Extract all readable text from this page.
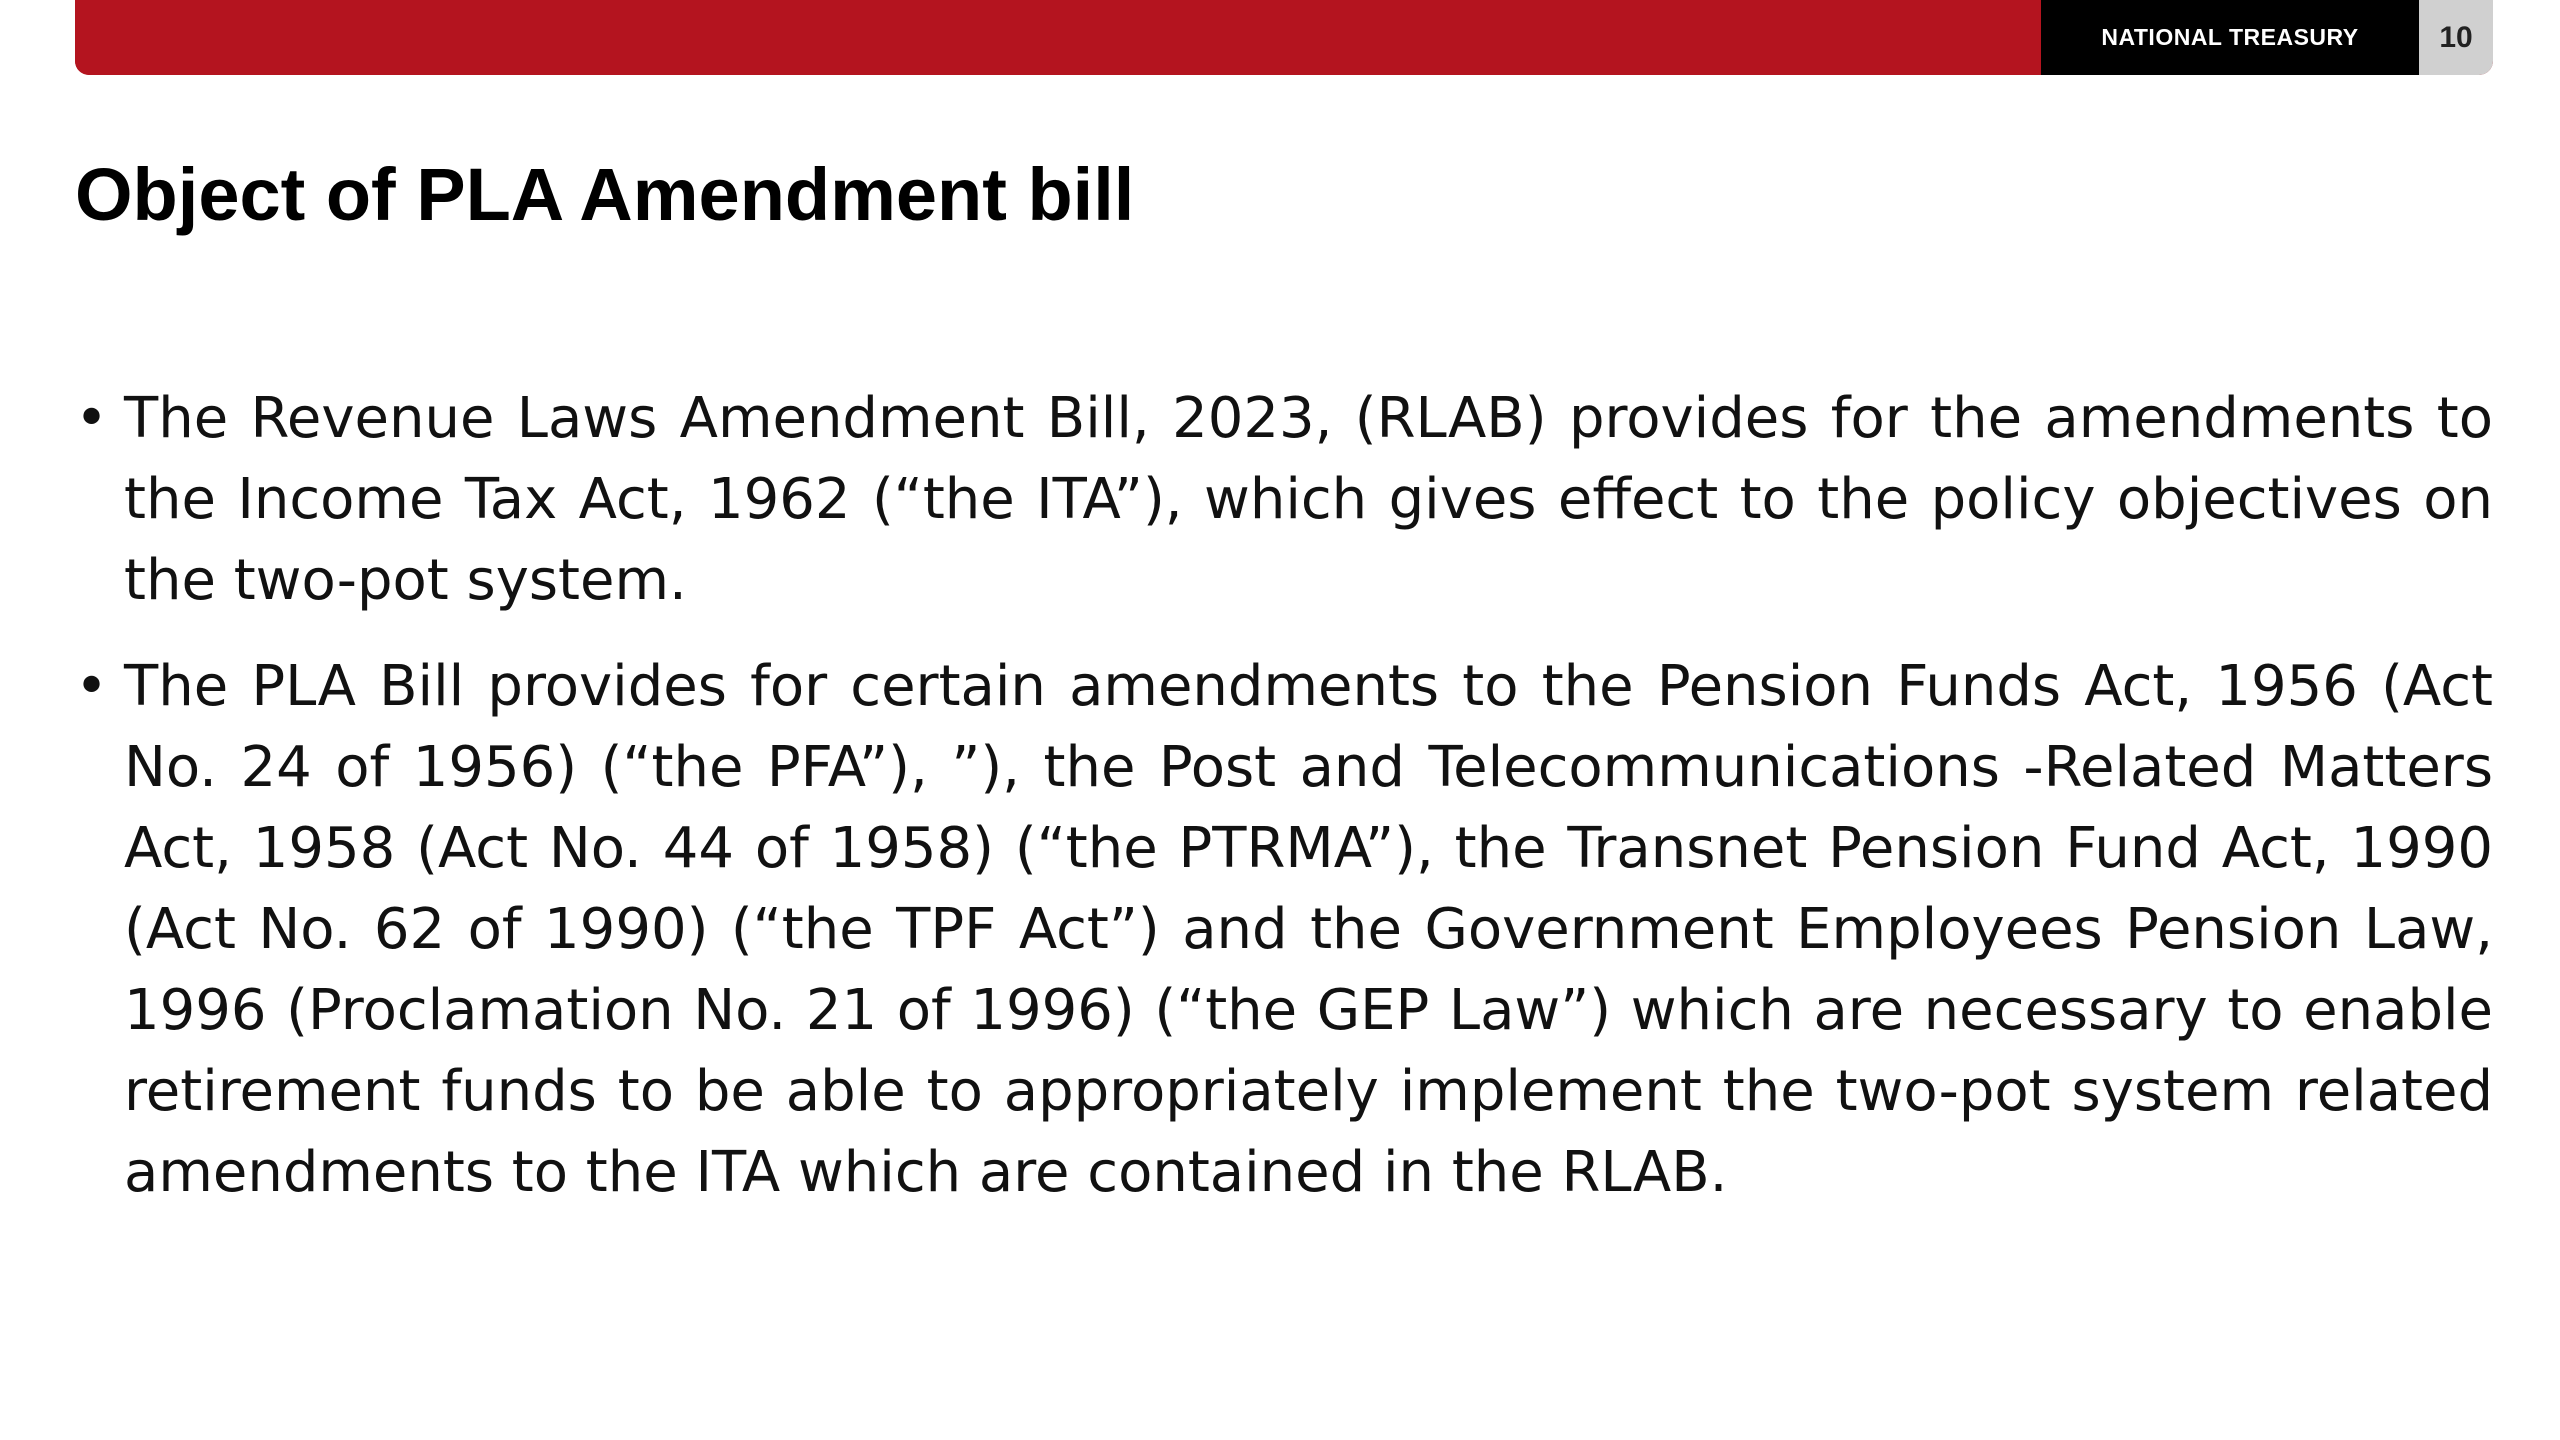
NATIONAL TREASURY	10
Object of PLA Amendment bill
• The Revenue Laws Amendment Bill, 2023, (RLAB) provides for the amendments to the Income Tax Act, 1962 (“the ITA”), which gives effect to the policy objectives on the two-pot system.
• The PLA Bill provides for certain amendments to the Pension Funds Act, 1956 (Act No. 24 of 1956) (“the PFA”), ”), the Post and Telecommunications -Related Matters Act, 1958 (Act No. 44 of 1958) (“the PTRMA”), the Transnet Pension Fund Act, 1990 (Act No. 62 of 1990) (“the TPF Act”) and the Government Employees Pension Law, 1996 (Proclamation No. 21 of 1996) (“the GEP Law”) which are necessary to enable retirement funds to be able to appropriately implement the two-pot system related amendments to the ITA which are contained in the RLAB.
